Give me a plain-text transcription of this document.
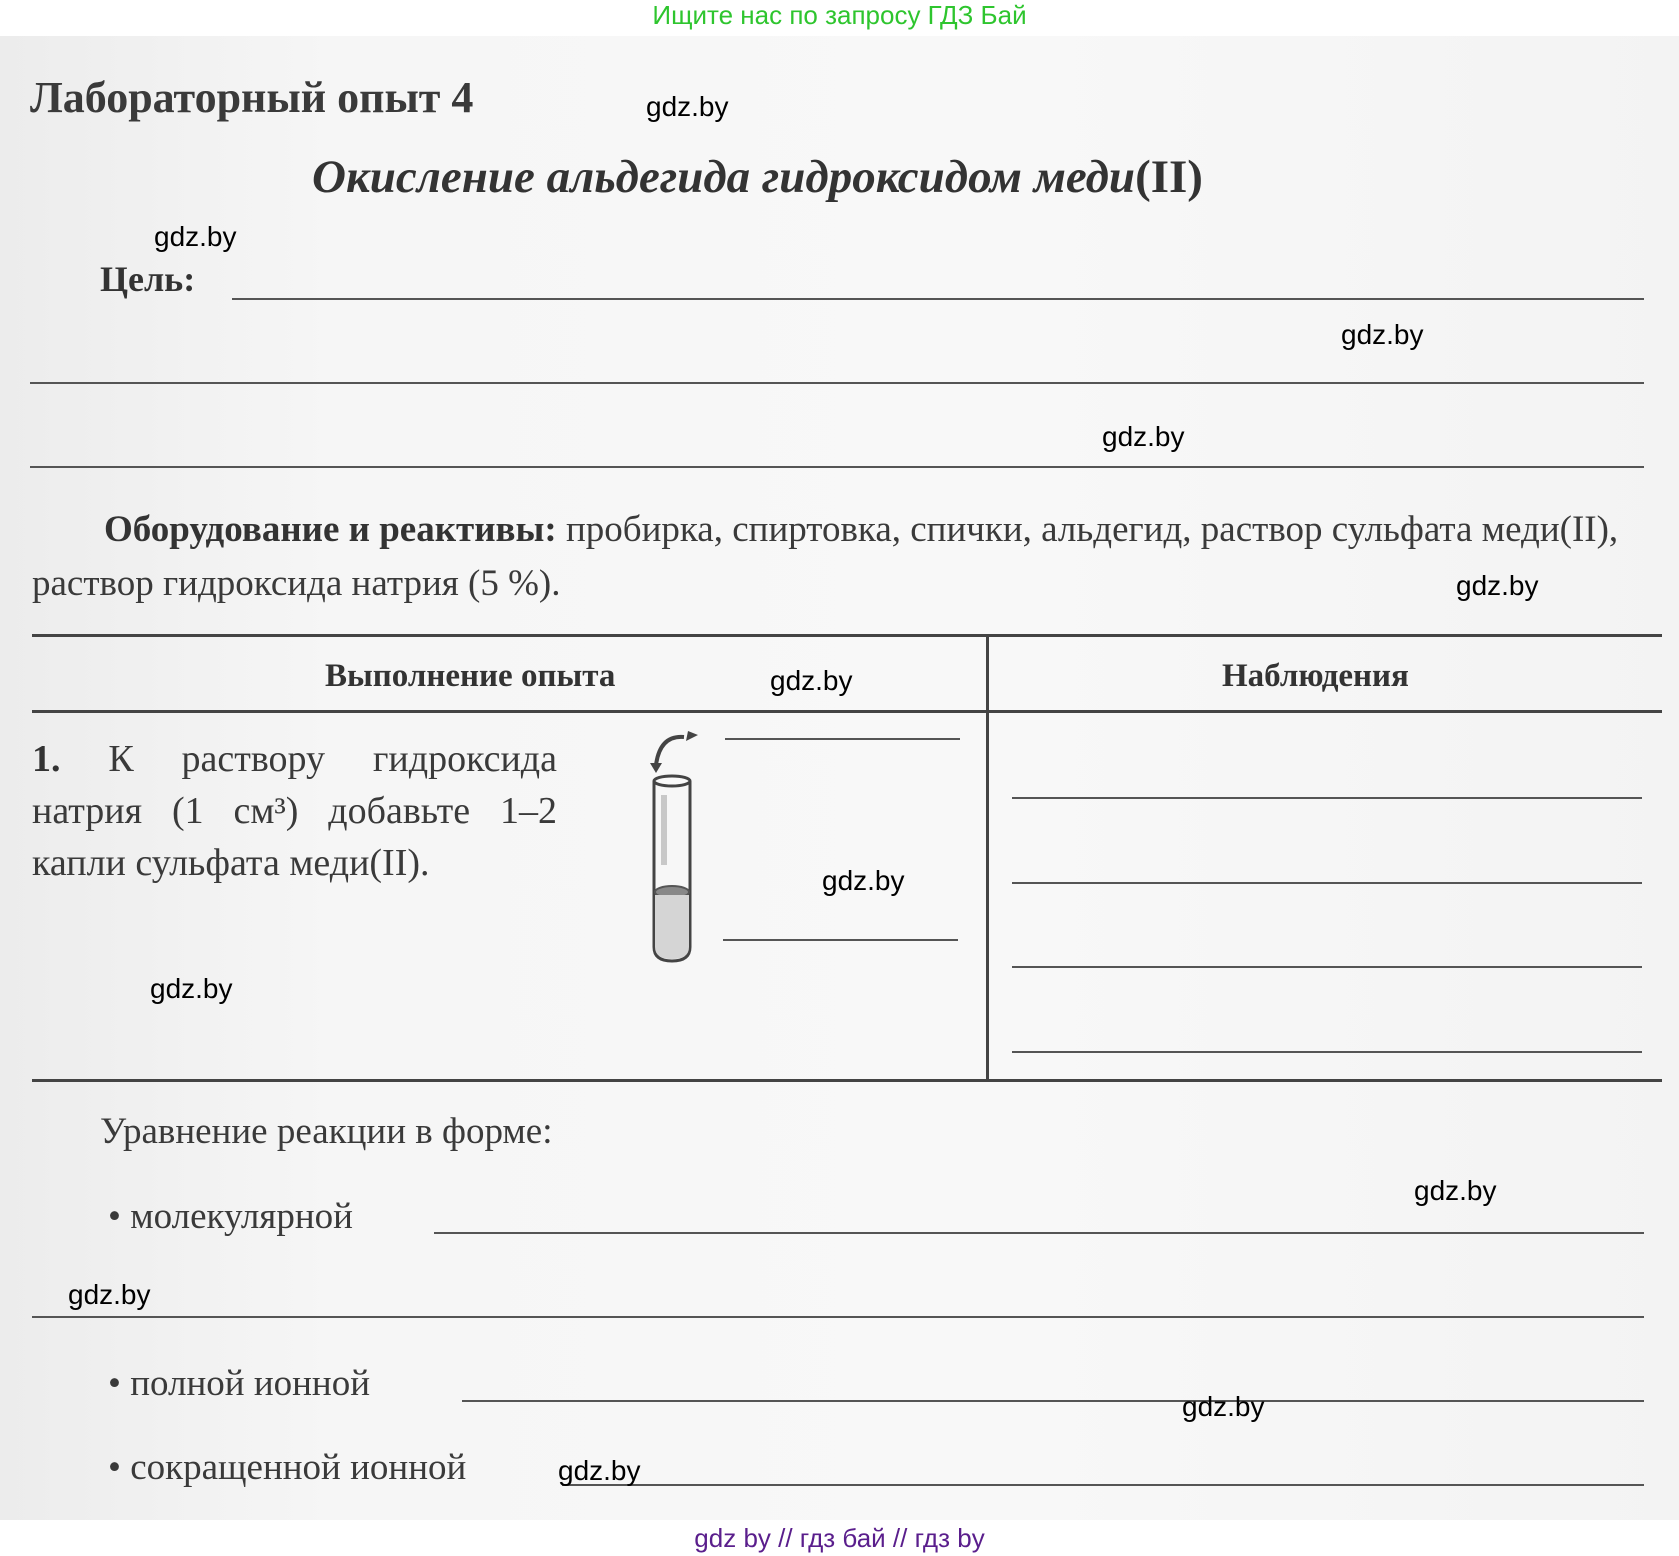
Ищите нас по запросу ГДЗ Бай
Лабораторный опыт 4
Окисление альдегида гидроксидом меди(II)
Цель:
Оборудование и реактивы: пробирка, спиртовка, спички, альдегид, раствор сульфата меди(II), раствор гидроксида натрия (5 %).
Выполнение опыта	Наблюдения
1. К раствору гидроксида натрия (1 см³) добавьте 1–2 капли сульфата меди(II).
Уравнение реакции в форме:
• молекулярной
• полной ионной
• сокращенной ионной
gdz.by
gdz.by
gdz.by
gdz.by
gdz.by
gdz.by
gdz.by
gdz.by
gdz.by
gdz.by
gdz.by
gdz.by
gdz by // гдз бай // гдз by
